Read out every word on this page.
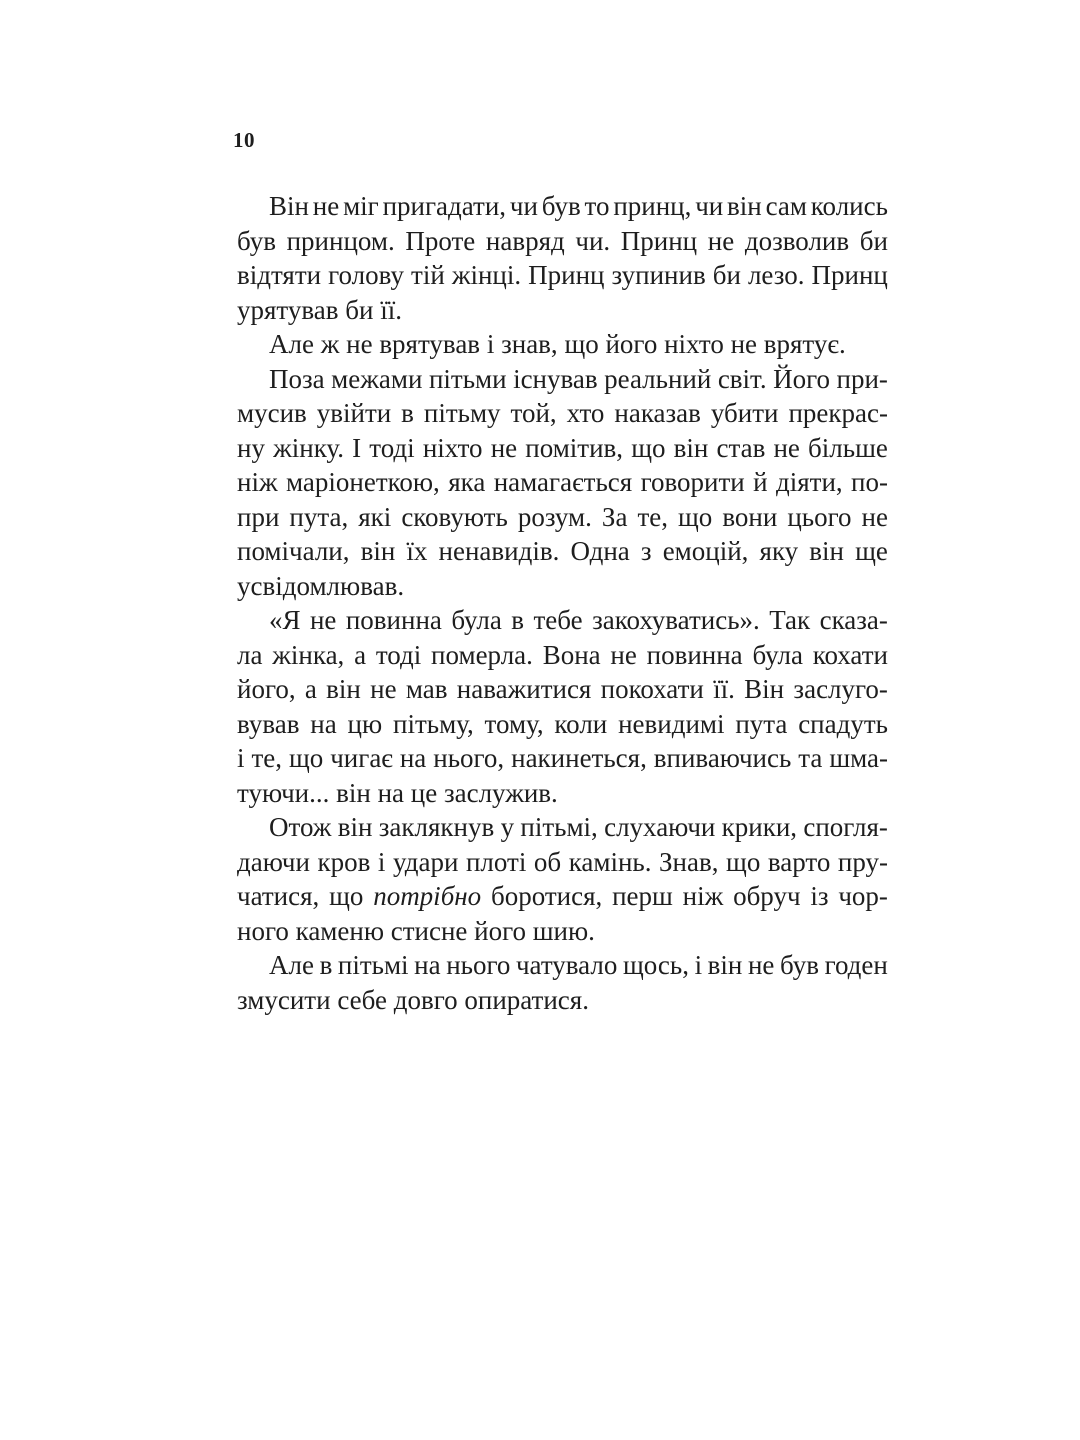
10
Він не міг пригадати, чи був то принц, чи він сам колись
був принцом. Проте навряд чи. Принц не дозволив би
відтяти голову тій жінці. Принц зупинив би лезо. Принц
урятував би її.
Але ж не врятував і знав, що його ніхто не врятує.
Поза межами пітьми існував реальний світ. Його при-
мусив увійти в пітьму той, хто наказав убити прекрас-
ну жінку. І тоді ніхто не помітив, що він став не більше
ніж маріонеткою, яка намагається говорити й діяти, по-
при пута, які сковують розум. За те, що вони цього не
помічали, він їх ненавидів. Одна з емоцій, яку він ще
усвідомлював.
«Я не повинна була в тебе закохуватись». Так сказа-
ла жінка, а тоді померла. Вона не повинна була кохати
його, а він не мав наважитися покохати її. Він заслуго-
вував на цю пітьму, тому, коли невидимі пута спадуть
і те, що чигає на нього, накинеться, впиваючись та шма-
туючи... він на це заслужив.
Отож він заклякнув у пітьмі, слухаючи крики, спогля-
даючи кров і удари плоті об камінь. Знав, що варто пру-
чатися, що потрібно боротися, перш ніж обруч із чор-
ного каменю стисне його шию.
Але в пітьмі на нього чатувало щось, і він не був годен
змусити себе довго опиратися.
